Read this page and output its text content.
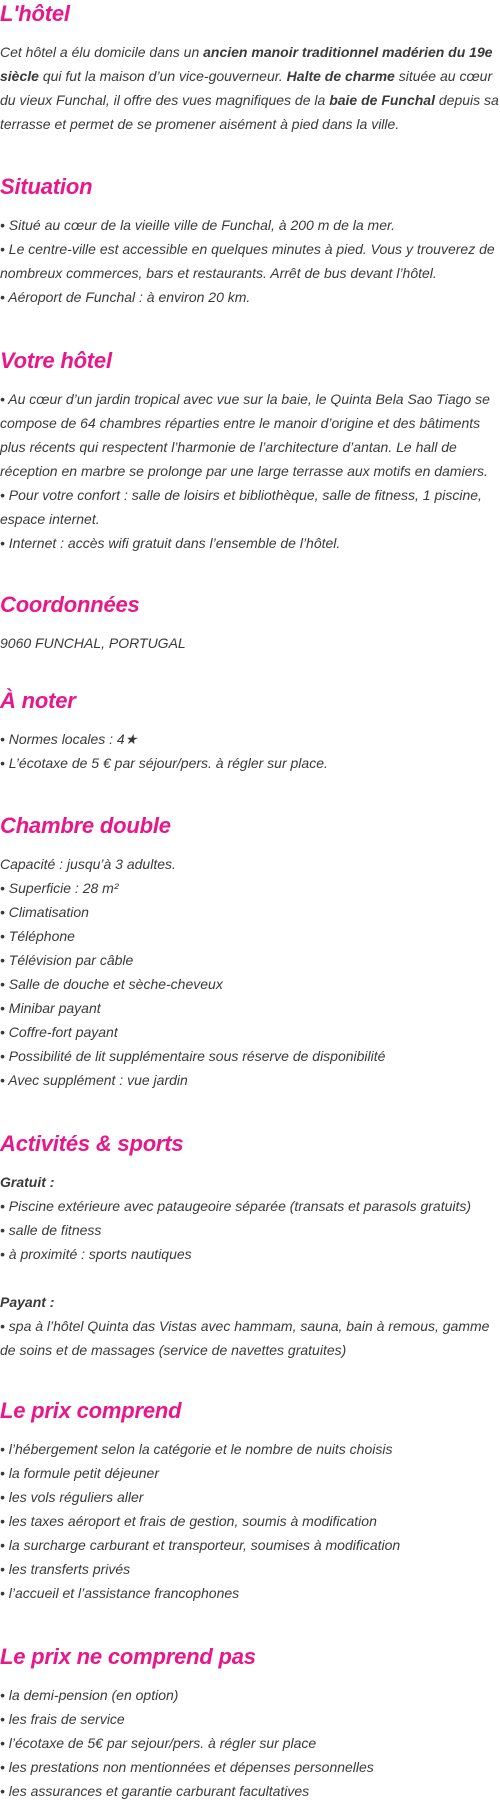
L'hôtel

Cet hôtel a élu domicile dans un ancien manoir traditionnel madérien du 19e siècle qui fut la maison d’un vice-gouverneur. Halte de charme située au cœur du vieux Funchal, il offre des vues magnifiques de la baie de Funchal depuis sa terrasse et permet de se promener aisément à pied dans la ville.

Situation

• Situé au cœur de la vieille ville de Funchal, à 200 m de la mer.

• Le centre-ville est accessible en quelques minutes à pied. Vous y trouverez de nombreux commerces, bars et restaurants. Arrêt de bus devant l’hôtel.

• Aéroport de Funchal : à environ 20 km.

Votre hôtel

• Au cœur d’un jardin tropical avec vue sur la baie, le Quinta Bela Sao Tiago se compose de 64 chambres réparties entre le manoir d’origine et des bâtiments plus récents qui respectent l’harmonie de l’architecture d’antan. Le hall de réception en marbre se prolonge par une large terrasse aux motifs en damiers.

• Pour votre confort : salle de loisirs et bibliothèque, salle de fitness, 1 piscine, espace internet.

• Internet : accès wifi gratuit dans l’ensemble de l’hôtel.

Coordonnées

9060 FUNCHAL, PORTUGAL

À noter

• Normes locales : 4★

• L’écotaxe de 5 € par séjour/pers. à régler sur place.

Chambre double

Capacité : jusqu’à 3 adultes.

• Superficie : 28 m²

• Climatisation

• Téléphone

• Télévision par câble

• Salle de douche et sèche-cheveux

• Minibar payant

• Coffre-fort payant

• Possibilité de lit supplémentaire sous réserve de disponibilité

• Avec supplément : vue jardin

Activités & sports

Gratuit :

• Piscine extérieure avec pataugeoire séparée (transats et parasols gratuits)

• salle de fitness

• à proximité : sports nautiques

Payant :

• spa à l’hôtel Quinta das Vistas avec hammam, sauna, bain à remous, gamme de soins et de massages (service de navettes gratuites)

Le prix comprend

• l’hébergement selon la catégorie et le nombre de nuits choisis

• la formule petit déjeuner

• les vols réguliers aller

• les taxes aéroport et frais de gestion, soumis à modification

• la surcharge carburant et transporteur, soumises à modification

• les transferts privés

• l’accueil et l’assistance francophones

Le prix ne comprend pas

• la demi-pension (en option)

• les frais de service

• l’écotaxe de 5€ par sejour/pers. à régler sur place

• les prestations non mentionnées et dépenses personnelles

• les assurances et garantie carburant facultatives
